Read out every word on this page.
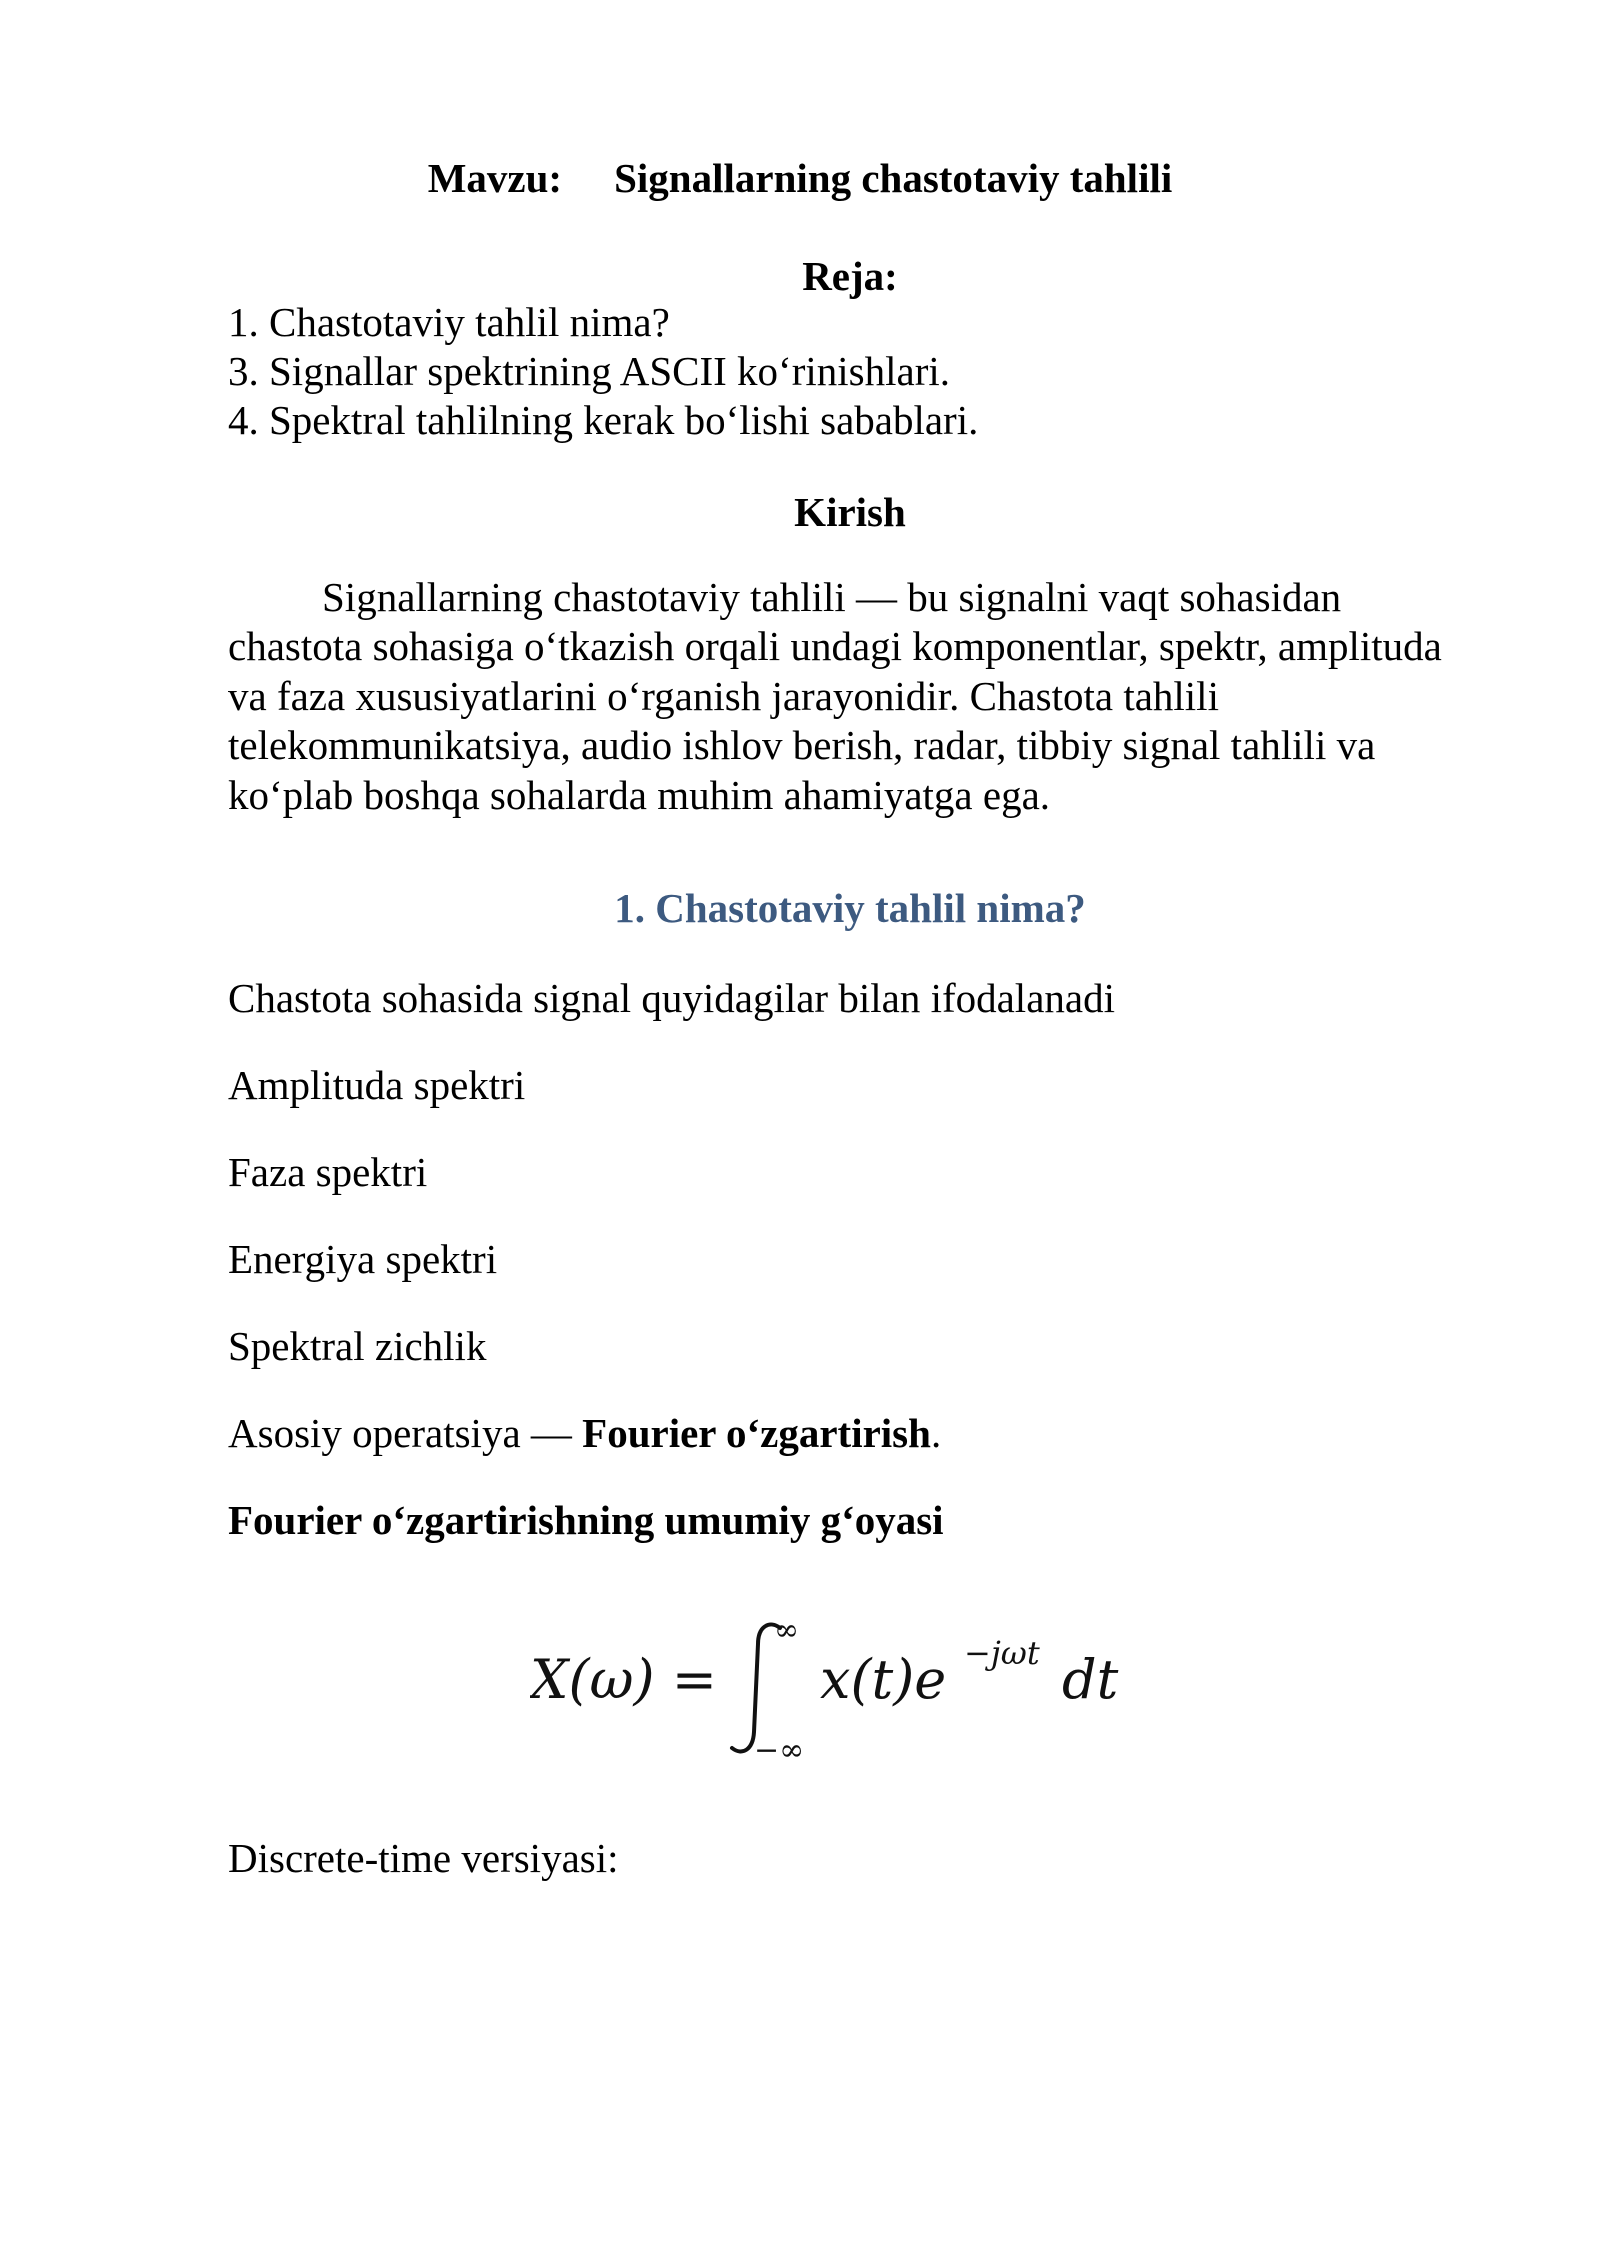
Mavzu: Signallarning chastotaviy tahlili
Reja:
1. Chastotaviy tahlil nima?
3. Signallar spektrining ASCII ko‘rinishlari.
4. Spektral tahlilning kerak bo‘lishi sabablari.
Kirish

Signallarning chastotaviy tahlili — bu signalni vaqt sohasidan chastota sohasiga o‘tkazish orqali undagi komponentlar, spektr, amplituda va faza xususiyatlarini o‘rganish jarayonidir. Chastota tahlili telekommunikatsiya, audio ishlov berish, radar, tibbiy signal tahlili va ko‘plab boshqa sohalarda muhim ahamiyatga ega.

1. Chastotaviy tahlil nima?
Chastota sohasida signal quyidagilar bilan ifodalanadi
Amplituda spektri
Faza spektri
Energiya spektri
Spektral zichlik
Asosiy operatsiya — Fourier o‘zgartirish.
Fourier o‘zgartirishning umumiy g‘oyasi
X(ω) =
∞
−∞
x(t)e −jωt dt
Discrete-time versiyasi:
